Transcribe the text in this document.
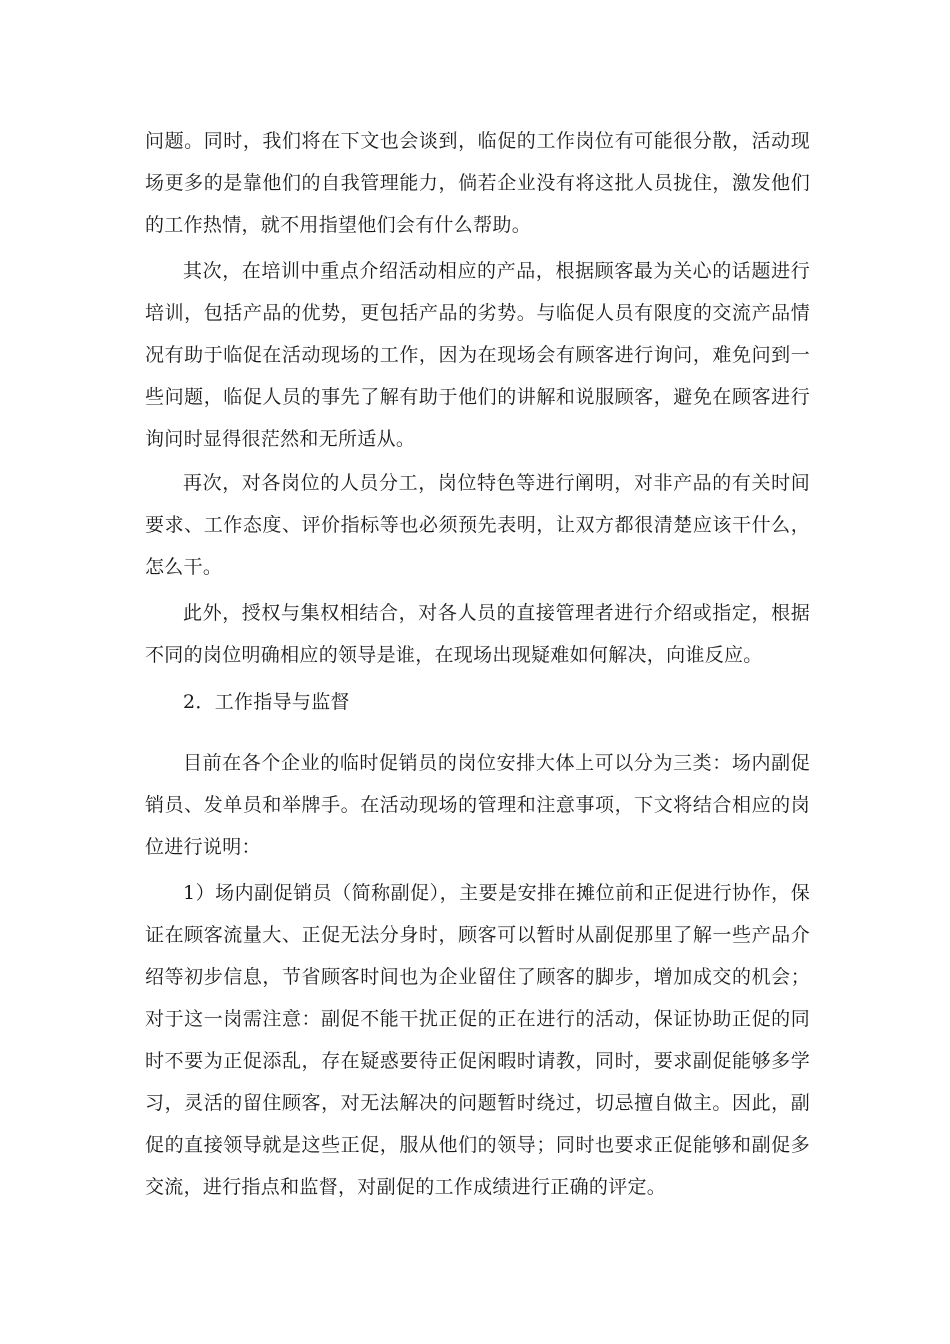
问题。同时，我们将在下文也会谈到，临促的工作岗位有可能很分散，活动现场更多的是靠他们的自我管理能力，倘若企业没有将这批人员拢住，激发他们的工作热情，就不用指望他们会有什么帮助。

其次，在培训中重点介绍活动相应的产品，根据顾客最为关心的话题进行培训，包括产品的优势，更包括产品的劣势。与临促人员有限度的交流产品情况有助于临促在活动现场的工作，因为在现场会有顾客进行询问，难免问到一些问题，临促人员的事先了解有助于他们的讲解和说服顾客，避免在顾客进行询问时显得很茫然和无所适从。

再次，对各岗位的人员分工，岗位特色等进行阐明，对非产品的有关时间要求、工作态度、评价指标等也必须预先表明，让双方都很清楚应该干什么，怎么干。

此外，授权与集权相结合，对各人员的直接管理者进行介绍或指定，根据不同的岗位明确相应的领导是谁，在现场出现疑难如何解决，向谁反应。

2．工作指导与监督

目前在各个企业的临时促销员的岗位安排大体上可以分为三类：场内副促销员、发单员和举牌手。在活动现场的管理和注意事项，下文将结合相应的岗位进行说明：

1）场内副促销员（简称副促），主要是安排在摊位前和正促进行协作，保证在顾客流量大、正促无法分身时，顾客可以暂时从副促那里了解一些产品介绍等初步信息，节省顾客时间也为企业留住了顾客的脚步，增加成交的机会；对于这一岗需注意：副促不能干扰正促的正在进行的活动，保证协助正促的同时不要为正促添乱，存在疑惑要待正促闲暇时请教，同时，要求副促能够多学习，灵活的留住顾客，对无法解决的问题暂时绕过，切忌擅自做主。因此，副促的直接领导就是这些正促，服从他们的领导；同时也要求正促能够和副促多交流，进行指点和监督，对副促的工作成绩进行正确的评定。
